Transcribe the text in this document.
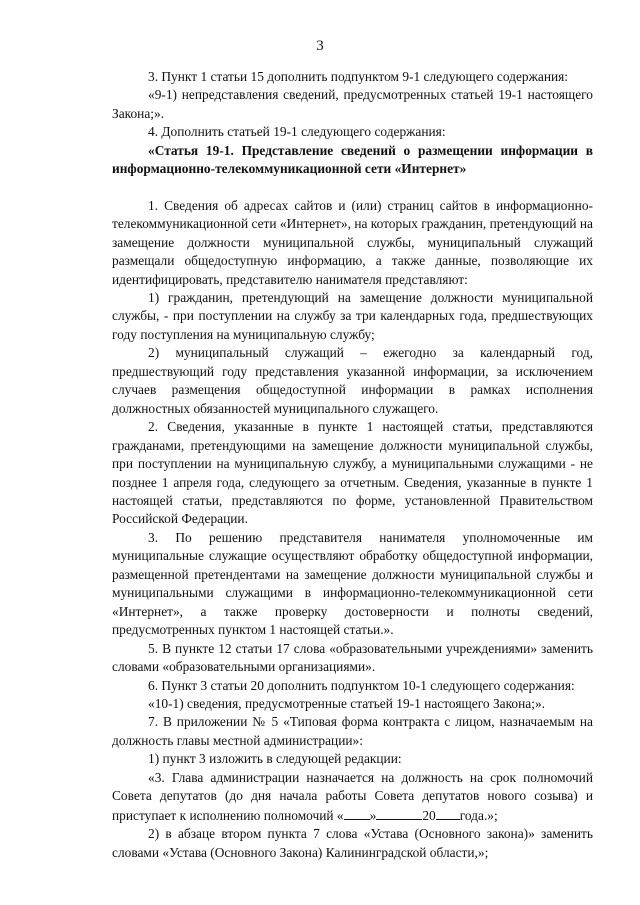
3

3. Пункт 1 статьи 15 дополнить подпунктом 9-1 следующего содержания:

«9-1) непредставления сведений, предусмотренных статьей 19-1 настоящего Закона;».

4. Дополнить статьей 19-1 следующего содержания:

«Статья 19-1. Представление сведений о размещении информации в информационно-телекоммуникационной сети «Интернет»

1. Сведения об адресах сайтов и (или) страниц сайтов в информационно-телекоммуникационной сети «Интернет», на которых гражданин, претендующий на замещение должности муниципальной службы, муниципальный служащий размещали общедоступную информацию, а также данные, позволяющие их идентифицировать, представителю нанимателя представляют:

1) гражданин, претендующий на замещение должности муниципальной службы, - при поступлении на службу за три календарных года, предшествующих году поступления на муниципальную службу;

2) муниципальный служащий – ежегодно за календарный год, предшествующий году представления указанной информации, за исключением случаев размещения общедоступной информации в рамках исполнения должностных обязанностей муниципального служащего.

2. Сведения, указанные в пункте 1 настоящей статьи, представляются гражданами, претендующими на замещение должности муниципальной службы, при поступлении на муниципальную службу, а муниципальными служащими - не позднее 1 апреля года, следующего за отчетным. Сведения, указанные в пункте 1 настоящей статьи, представляются по форме, установленной Правительством Российской Федерации.

3. По решению представителя нанимателя уполномоченные им муниципальные служащие осуществляют обработку общедоступной информации, размещенной претендентами на замещение должности муниципальной службы и муниципальными служащими в информационно-телекоммуникационной сети «Интернет», а также проверку достоверности и полноты сведений, предусмотренных пунктом 1 настоящей статьи.».

5. В пункте 12 статьи 17 слова «образовательными учреждениями» заменить словами «образовательными организациями».

6. Пункт 3 статьи 20 дополнить подпунктом 10-1 следующего содержания:

«10-1) сведения, предусмотренные статьей 19-1 настоящего Закона;».

7. В приложении № 5 «Типовая форма контракта с лицом, назначаемым на должность главы местной администрации»:

1) пункт 3 изложить в следующей редакции:

«3. Глава администрации назначается на должность на срок полномочий Совета депутатов (до дня начала работы Совета депутатов нового созыва) и приступает к исполнению полномочий « »	20 года.»;

2) в абзаце втором пункта 7 слова «Устава (Основного закона)» заменить словами «Устава (Основного Закона) Калининградской области,»;
